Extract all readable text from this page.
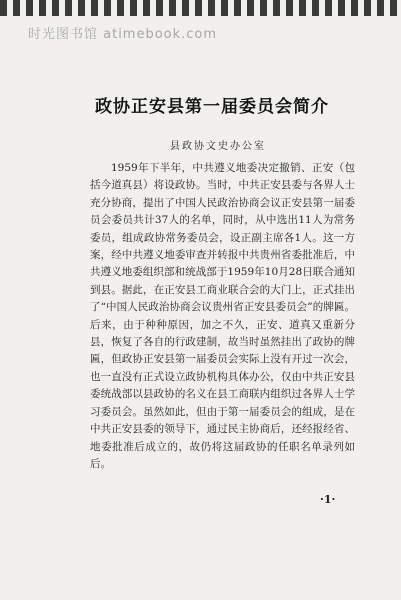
时光图书馆 atimebook.com
政协正安县第一届委员会简介
县政协文史办公室

1959年下半年，中共遵义地委决定撤销、正安（包括今道真县）将设政协。当时，中共正安县委与各界人士充分协商，提出了中国人民政治协商会议正安县第一届委员会委员共计37人的名单，同时，从中选出11人为常务委员，组成政协常务委员会，设正副主席各1人。这一方案，经中共遵义地委审查并转报中共贵州省委批准后，中共遵义地委组织部和统战部于1959年10月28日联合通知到县。据此，在正安县工商业联合会的大门上，正式挂出了“中国人民政治协商会议贵州省正安县委员会”的牌匾。后来，由于种种原因，加之不久，正安、道真又重新分县，恢复了各自的行政建制，故当时虽然挂出了政协的牌匾，但政协正安县第一届委员会实际上没有开过一次会，也一直没有正式设立政协机构具体办公，仅由中共正安县委统战部以县政协的名义在县工商联内组织过各界人士学习委员会。虽然如此，但由于第一届委员会的组成，是在中共正安县委的领导下，通过民主协商后，还经报经省、地委批准后成立的，故仍将这届政协的任职名单录列如后。

·1·
